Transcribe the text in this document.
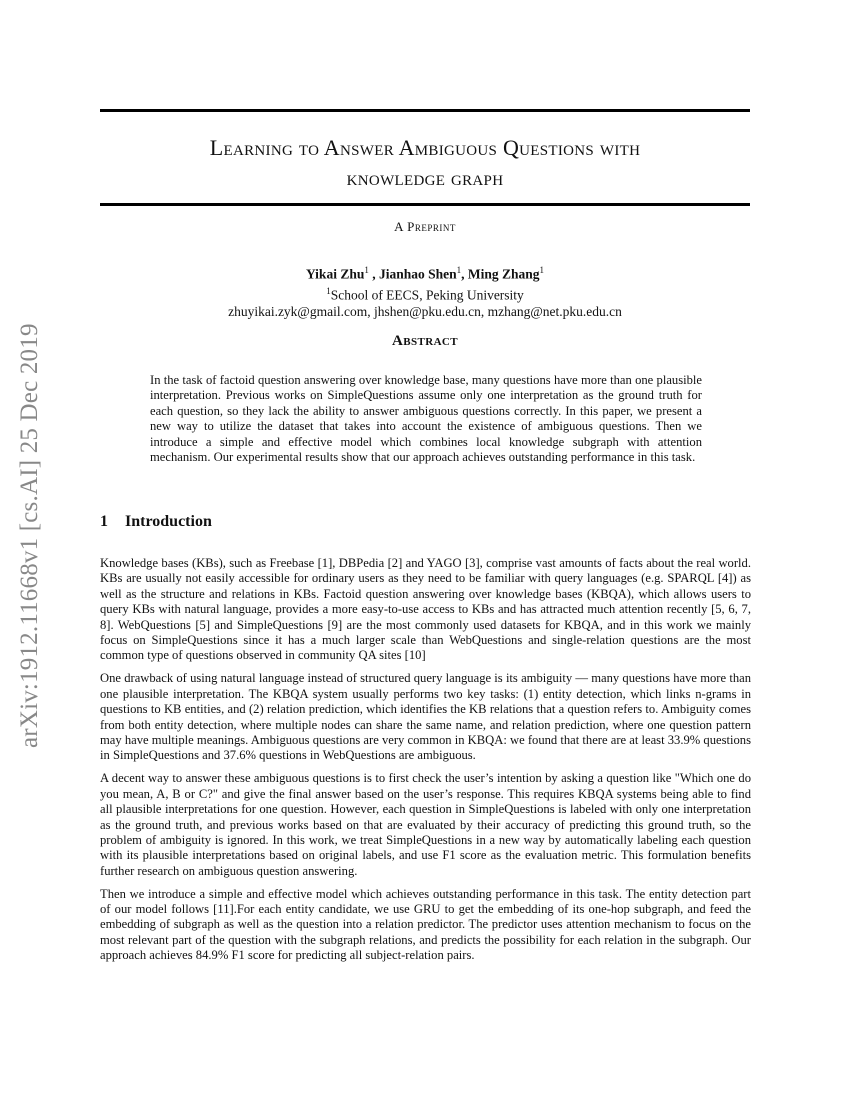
arXiv:1912.11668v1 [cs.AI] 25 Dec 2019
Learning to Answer Ambiguous Questions with
knowledge graph
A Preprint
Yikai Zhu$^1$ , Jianhao Shen$^1$, Ming Zhang$^1$
$^1$School of EECS, Peking University
zhuyikai.zyk@gmail.com, jhshen@pku.edu.cn, mzhang@net.pku.edu.cn
Abstract
In the task of factoid question answering over knowledge base, many questions have more than one plausible interpretation. Previous works on SimpleQuestions assume only one interpretation as the ground truth for each question, so they lack the ability to answer ambiguous questions correctly. In this paper, we present a new way to utilize the dataset that takes into account the existence of ambiguous questions. Then we introduce a simple and effective model which combines local knowledge subgraph with attention mechanism. Our experimental results show that our approach achieves outstanding performance in this task.
1 Introduction

Knowledge bases (KBs), such as Freebase [1], DBPedia [2] and YAGO [3], comprise vast amounts of facts about the real world. KBs are usually not easily accessible for ordinary users as they need to be familiar with query languages (e.g. SPARQL [4]) as well as the structure and relations in KBs. Factoid question answering over knowledge bases (KBQA), which allows users to query KBs with natural language, provides a more easy-to-use access to KBs and has attracted much attention recently [5, 6, 7, 8]. WebQuestions [5] and SimpleQuestions [9] are the most commonly used datasets for KBQA, and in this work we mainly focus on SimpleQuestions since it has a much larger scale than WebQuestions and single-relation questions are the most common type of questions observed in community QA sites [10]

One drawback of using natural language instead of structured query language is its ambiguity — many questions have more than one plausible interpretation. The KBQA system usually performs two key tasks: (1) entity detection, which links n-grams in questions to KB entities, and (2) relation prediction, which identifies the KB relations that a question refers to. Ambiguity comes from both entity detection, where multiple nodes can share the same name, and relation prediction, where one question pattern may have multiple meanings. Ambiguous questions are very common in KBQA: we found that there are at least 33.9% questions in SimpleQuestions and 37.6% questions in WebQuestions are ambiguous.

A decent way to answer these ambiguous questions is to first check the user’s intention by asking a question like "Which one do you mean, A, B or C?" and give the final answer based on the user’s response. This requires KBQA systems being able to find all plausible interpretations for one question. However, each question in SimpleQuestions is labeled with only one interpretation as the ground truth, and previous works based on that are evaluated by their accuracy of predicting this ground truth, so the problem of ambiguity is ignored. In this work, we treat SimpleQuestions in a new way by automatically labeling each question with its plausible interpretations based on original labels, and use F1 score as the evaluation metric. This formulation benefits further research on ambiguous question answering.

Then we introduce a simple and effective model which achieves outstanding performance in this task. The entity detection part of our model follows [11].For each entity candidate, we use GRU to get the embedding of its one-hop subgraph, and feed the embedding of subgraph as well as the question into a relation predictor. The predictor uses attention mechanism to focus on the most relevant part of the question with the subgraph relations, and predicts the possibility for each relation in the subgraph. Our approach achieves 84.9% F1 score for predicting all subject-relation pairs.
